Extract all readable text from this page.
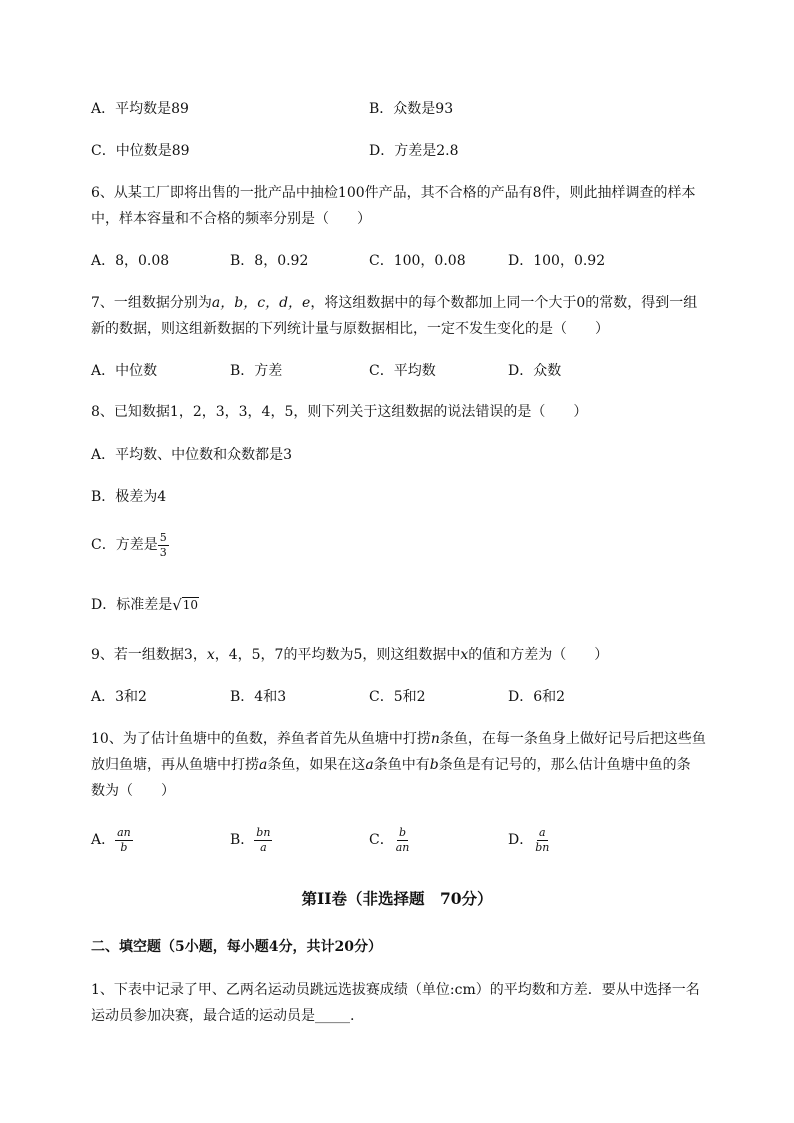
A．平均数是89	B．众数是93
C．中位数是89	D．方差是2.8
6、从某工厂即将出售的一批产品中抽检100件产品，其不合格的产品有8件，则此抽样调查的样本
中，样本容量和不合格的频率分别是（　　）
A．8，0.08	B．8，0.92	C．100，0.08	D．100，0.92
7、一组数据分别为a，b，c，d，e，将这组数据中的每个数都加上同一个大于0的常数，得到一组
新的数据，则这组新数据的下列统计量与原数据相比，一定不发生变化的是（　　）
A．中位数	B．方差	C．平均数	D．众数
8、已知数据1，2，3，3，4，5，则下列关于这组数据的说法错误的是（　　）
A．平均数、中位数和众数都是3
B．极差为4
C．方差是 $\frac{5}{3}$
D．标准差是 √ 10
9、若一组数据3，x，4，5，7的平均数为5，则这组数据中x的值和方差为（　　）
A．3和2	B．4和3	C．5和2	D．6和2
10、为了估计鱼塘中的鱼数，养鱼者首先从鱼塘中打捞n条鱼，在每一条鱼身上做好记号后把这些鱼
放归鱼塘，再从鱼塘中打捞a条鱼，如果在这a条鱼中有b条鱼是有记号的，那么估计鱼塘中鱼的条
数为（　　）
A． $\frac{an}{b}$	B． $\frac{bn}{a}$	C． $\frac{b}{an}$	D． $\frac{a}{bn}$
第II卷（非选择题　70分）
二、填空题（5小题，每小题4分，共计20分）
1、下表中记录了甲、乙两名运动员跳远选拔赛成绩（单位:cm）的平均数和方差．要从中选择一名
运动员参加决赛，最合适的运动员是_____.
